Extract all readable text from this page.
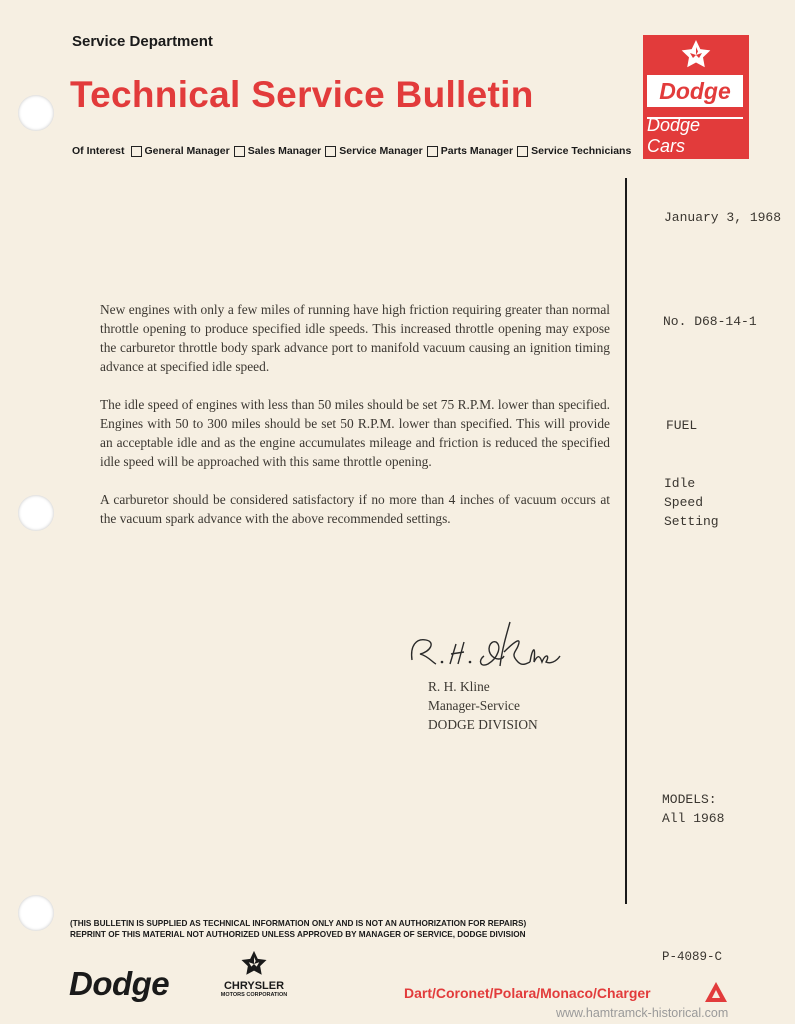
Service Department
Technical Service Bulletin
Of Interest General Manager Sales Manager Service Manager Parts Manager Service Technicians
Dodge
Dodge Cars
January 3, 1968
No. D68-14-1
FUEL
Idle
Speed
Setting
MODELS:
All 1968

New engines with only a few miles of running have high friction requiring greater than normal throttle opening to produce specified idle speeds. This increased throttle opening may expose the carburetor throttle body spark advance port to manifold vacuum causing an ignition timing advance at specified idle speed.

The idle speed of engines with less than 50 miles should be set 75 R.P.M. lower than specified. Engines with 50 to 300 miles should be set 50 R.P.M. lower than specified. This will provide an acceptable idle and as the engine accumulates mileage and friction is reduced the specified idle speed will be approached with this same throttle opening.

A carburetor should be considered satisfactory if no more than 4 inches of vacuum occurs at the vacuum spark advance with the above recommended settings.

R. H. Kline
Manager-Service
DODGE DIVISION
(THIS BULLETIN IS SUPPLIED AS TECHNICAL INFORMATION ONLY AND IS NOT AN AUTHORIZATION FOR REPAIRS)
REPRINT OF THIS MATERIAL NOT AUTHORIZED UNLESS APPROVED BY MANAGER OF SERVICE, DODGE DIVISION
P-4089-C
Dodge	CHRYSLER
MOTORS CORPORATION	Dart/Coronet/Polara/Monaco/Charger
www.hamtramck-historical.com
